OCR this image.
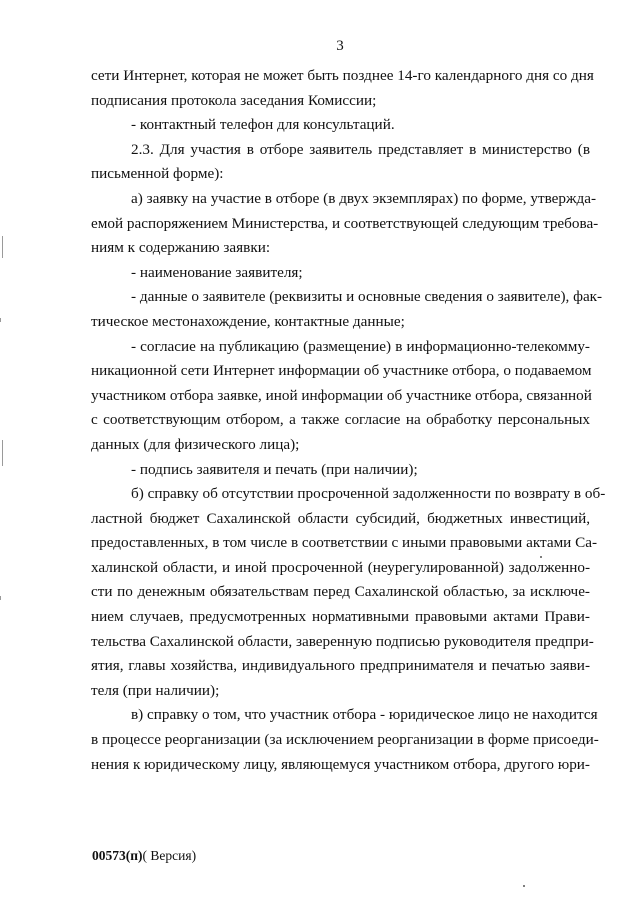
3

сети Интернет, которая не может быть позднее 14-го календарного дня со дня

подписания протокола заседания Комиссии;

- контактный телефон для консультаций.

2.3. Для участия в отборе заявитель представляет в министерство (в

письменной форме):

а) заявку на участие в отборе (в двух экземплярах) по форме, утвержда-

емой распоряжением Министерства, и соответствующей следующим требова-

ниям к содержанию заявки:

- наименование заявителя;

- данные о заявителе (реквизиты и основные сведения о заявителе), фак-

тическое местонахождение, контактные данные;

- согласие на публикацию (размещение) в информационно-телекомму-

никационной сети Интернет информации об участнике отбора, о подаваемом

участником отбора заявке, иной информации об участнике отбора, связанной

с соответствующим отбором, а также согласие на обработку персональных

данных (для физического лица);

- подпись заявителя и печать (при наличии);

б) справку об отсутствии просроченной задолженности по возврату в об-

ластной бюджет Сахалинской области субсидий, бюджетных инвестиций,

предоставленных, в том числе в соответствии с иными правовыми актами Са-

халинской области, и иной просроченной (неурегулированной) задолженно-

сти по денежным обязательствам перед Сахалинской областью, за исключе-

нием случаев, предусмотренных нормативными правовыми актами Прави-

тельства Сахалинской области, заверенную подписью руководителя предпри-

ятия, главы хозяйства, индивидуального предпринимателя и печатью заяви-

теля (при наличии);

в) справку о том, что участник отбора - юридическое лицо не находится

в процессе реорганизации (за исключением реорганизации в форме присоеди-

нения к юридическому лицу, являющемуся участником отбора, другого юри-

00573(п)( Версия)
